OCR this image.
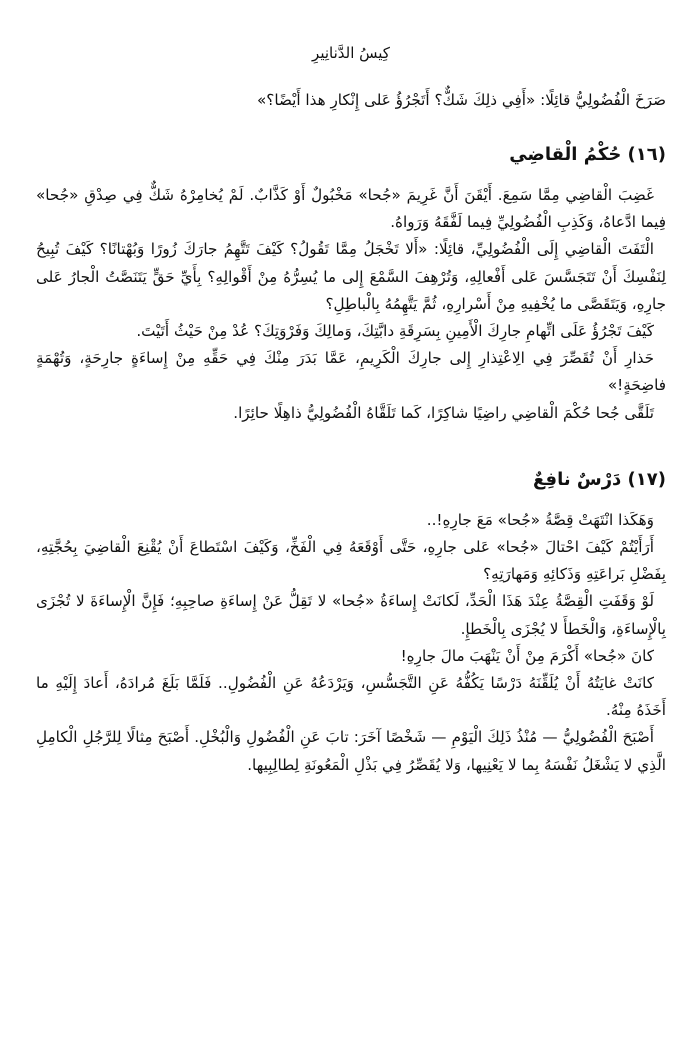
كِيسُ الدَّنانِيرِ

صَرَخَ الْفُضُولِيُّ قائِلًا: «أَفِي ذلِكَ شَكٌّ؟ أَتَجْرُؤُ عَلى إِنْكارِ هذا أَيْضًا؟»

(١٦) حُكْمُ الْقاضِي

غَضِبَ الْقاضِي مِمَّا سَمِعَ. أَيْقَنَ أَنَّ غَرِيمَ «جُحا» مَخْبُولٌ أَوْ كَذَّابٌ. لَمْ يُخامِرْهُ شَكٌّ فِي صِدْقِ «جُحا» فِيما ادَّعاهُ، وَكَذِبِ الْفُضُولِيِّ فِيما لَفَّقَهُ وَرَواهُ.

الْتَفَتَ الْقاضِي إِلَى الْفُضُولِيِّ، قائِلًا: «أَلا تَخْجَلُ مِمَّا تَقُولُ؟ كَيْفَ تَتَّهِمُ جارَكَ زُورًا وَبُهْتانًا؟ كَيْفَ تُبِيحُ لِنَفْسِكَ أَنْ تَتَجَسَّسَ عَلى أَفْعالِهِ، وَتُرْهِفَ السَّمْعَ إِلى ما يُسِرُّهُ مِنْ أَقْوالِهِ؟ بِأَيِّ حَقٍّ يَتَنَصَّتُ الْجارُ عَلى جارِهِ، وَيَتَقَصَّى ما يُخْفِيهِ مِنْ أَسْرارِهِ، ثُمَّ يَتَّهِمُهُ بِالْباطِلِ؟

كَيْفَ تَجْرُؤُ عَلَى اتِّهامِ جارِكَ الْأَمِينِ بِسَرِقَةِ دابَّتِكَ، وَمالِكَ وَفَرْوَتِكَ؟ عُدْ مِنْ حَيْثُ أَتَيْتَ.

حَذارِ أَنْ تُقَصِّرَ فِي الِاعْتِذارِ إِلى جارِكَ الْكَرِيمِ، عَمَّا بَدَرَ مِنْكَ فِي حَقِّهِ مِنْ إِساءَةٍ جارِحَةٍ، وَتُهْمَةٍ فاضِحَةٍ!»

تَلَقَّى جُحا حُكْمَ الْقاضِي راضِيًا شاكِرًا، كَما تَلَقَّاهُ الْفُضُولِيُّ ذاهِلًا حائِرًا.

(١٧) دَرْسٌ نافِعٌ

وَهَكَذا انْتَهَتْ قِصَّةُ «جُحا» مَعَ جارِهِ!..

أَرَأَيْتُمْ كَيْفَ احْتالَ «جُحا» عَلى جارِهِ، حَتَّى أَوْقَعَهُ فِي الْفَخِّ، وَكَيْفَ اسْتَطاعَ أَنْ يُقْنِعَ الْقاضِيَ بِحُجَّتِهِ، بِفَضْلِ بَراعَتِهِ وَذَكائِهِ وَمَهارَتِهِ؟

لَوْ وَقَفَتِ الْقِصَّةُ عِنْدَ هَذَا الْحَدِّ، لَكانَتْ إِساءَةُ «جُحا» لا تَقِلُّ عَنْ إِساءَةِ صاحِبِهِ؛ فَإِنَّ الْإِساءَةَ لا تُجْزَى بِالْإِساءَةِ، وَالْخَطأَ لا يُجْزَى بِالْخَطإِ.

كانَ «جُحا» أَكْرَمَ مِنْ أَنْ يَنْهَبَ مالَ جارِهِ!

كانَتْ غايَتُهُ أَنْ يُلَقِّنَهُ دَرْسًا يَكُفُّهُ عَنِ التَّجَسُّسِ، وَيَرْدَعُهُ عَنِ الْفُضُولِ.. فَلَمَّا بَلَغَ مُرادَهُ، أَعادَ إِلَيْهِ ما أَخَذَهُ مِنْهُ.

أَصْبَحَ الْفُضُولِيُّ — مُنْذُ ذَلِكَ الْيَوْمِ — شَخْصًا آخَرَ: تابَ عَنِ الْفُضُولِ وَالْبُخْلِ. أَصْبَحَ مِثالًا لِلرَّجُلِ الْكامِلِ الَّذِي لا يَشْغَلُ نَفْسَهُ بِما لا يَعْنِيها، وَلا يُقَصِّرُ فِي بَذْلِ الْمَعُونَةِ لِطالِبِيها.
